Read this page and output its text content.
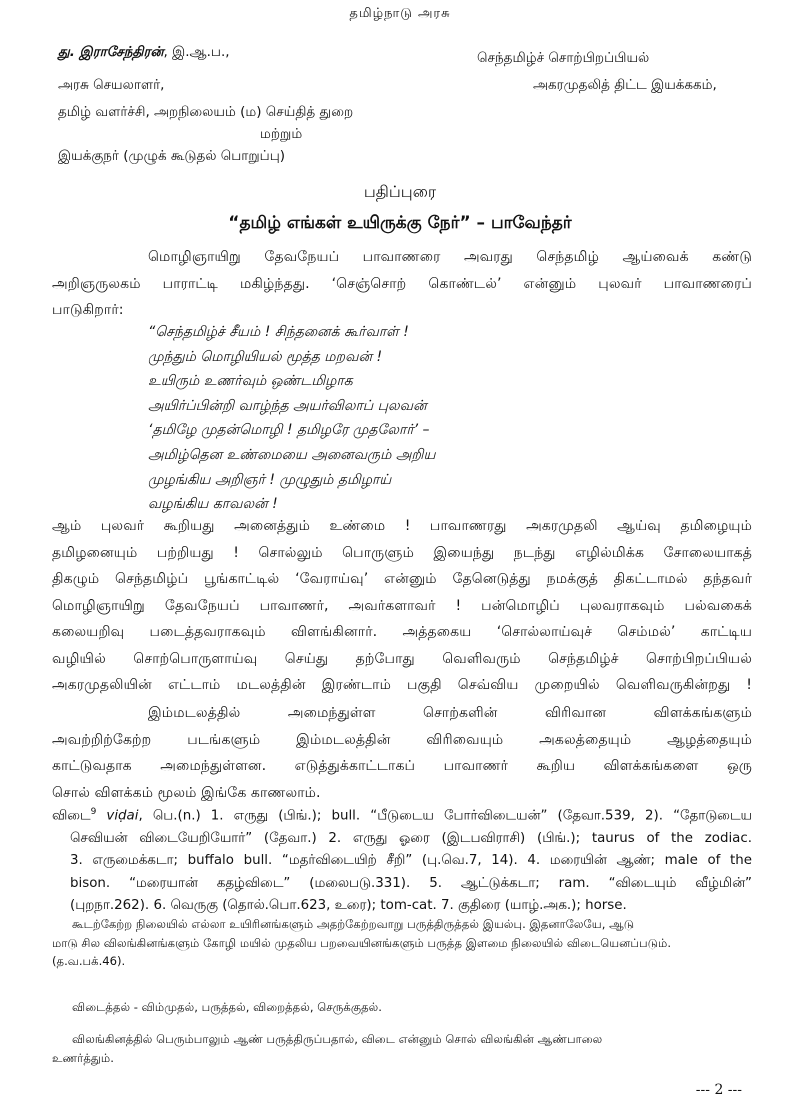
தமிழ்நாடு அரசு
து. இராசேந்திரன், இ.ஆ.ப.,
அரசு செயலாளர்,
தமிழ் வளர்ச்சி, அறநிலையம் (ம) செய்தித் துறை
மற்றும்
இயக்குநர் (முழுக் கூடுதல் பொறுப்பு)
செந்தமிழ்ச் சொற்பிறப்பியல்
அகரமுதலித் திட்ட இயக்ககம்,
பதிப்புரை
“தமிழ் எங்கள் உயிருக்கு நேர்” – பாவேந்தர்
மொழிஞாயிறு தேவநேயப் பாவாணரை அவரது செந்தமிழ் ஆய்வைக் கண்டு
அறிஞருலகம் பாராட்டி மகிழ்ந்தது. ‘செஞ்சொற் கொண்டல்’ என்னும் புலவர் பாவாணரைப்
பாடுகிறார்:
“செந்தமிழ்ச் சீயம் ! சிந்தனைக் கூர்வாள் !
முந்தும் மொழியியல் மூத்த மறவன் !
உயிரும் உணர்வும் ஒண்டமிழாக
அயிர்ப்பின்றி வாழ்ந்த அயர்விலாப் புலவன்
‘தமிழே முதன்மொழி ! தமிழரே முதலோர்’ –
அமிழ்தென உண்மையை அனைவரும் அறிய
முழங்கிய அறிஞர் ! முழுதும் தமிழாய்
வழங்கிய காவலன் !
ஆம் புலவர் கூறியது அனைத்தும் உண்மை ! பாவாணரது அகரமுதலி ஆய்வு தமிழையும்
தமிழனையும் பற்றியது ! சொல்லும் பொருளும் இயைந்து நடந்து எழில்மிக்க சோலையாகத்
திகழும் செந்தமிழ்ப் பூங்காட்டில் ‘வேராய்வு’ என்னும் தேனெடுத்து நமக்குத் திகட்டாமல் தந்தவர்
மொழிஞாயிறு தேவநேயப் பாவாணர், அவர்களாவர் ! பன்மொழிப் புலவராகவும் பல்வகைக்
கலையறிவு படைத்தவராகவும் விளங்கினார். அத்தகைய ‘சொல்லாய்வுச் செம்மல்’ காட்டிய
வழியில் சொற்பொருளாய்வு செய்து தற்போது வெளிவரும் செந்தமிழ்ச் சொற்பிறப்பியல்
அகரமுதலியின் எட்டாம் மடலத்தின் இரண்டாம் பகுதி செவ்விய முறையில் வெளிவருகின்றது !
இம்மடலத்தில் அமைந்துள்ள சொற்களின் விரிவான விளக்கங்களும்
அவற்றிற்கேற்ற படங்களும் இம்மடலத்தின் விரிவையும் அகலத்தையும் ஆழத்தையும்
காட்டுவதாக அமைந்துள்ளன. எடுத்துக்காட்டாகப் பாவாணர் கூறிய விளக்கங்களை ஒரு
சொல் விளக்கம் மூலம் இங்கே காணலாம்.
விடை$^9$ viḍai, பெ.(n.) 1. எருது (பிங்.); bull. “பீடுடைய போர்விடையன்” (தேவா.539, 2). “தோடுடைய
செவியன் விடையேறியோர்” (தேவா.) 2. எருது ஓரை (இடபவிராசி) (பிங்.); taurus of the zodiac.
3. எருமைக்கடா; buffalo bull. “மதர்விடையிற் சீறி” (பு.வெ.7, 14). 4. மரையின் ஆண்; male of the
bison. “மரையான் கதழ்விடை” (மலைபடு.331). 5. ஆட்டுக்கடா; ram. “விடையும் வீழ்மின்”
(புறநா.262). 6. வெருகு (தொல்.பொ.623, உரை); tom-cat. 7. குதிரை (யாழ்.அக.); horse.
கூடற்கேற்ற நிலையில் எல்லா உயிரினங்களும் அதற்கேற்றவாறு பருத்திருத்தல் இயல்பு. இதனாலேயே, ஆடு
மாடு சில விலங்கினங்களும் கோழி மயில் முதலிய பறவையினங்களும் பருத்த இளமை நிலையில் விடையெனப்படும்.
(த.வ.பக்.46).
விடைத்தல் - விம்முதல், பருத்தல், விறைத்தல், செருக்குதல்.
விலங்கினத்தில் பெரும்பாலும் ஆண் பருத்திருப்பதால், விடை என்னும் சொல் விலங்கின் ஆண்பாலை
உணர்த்தும்.
--- 2 ---
